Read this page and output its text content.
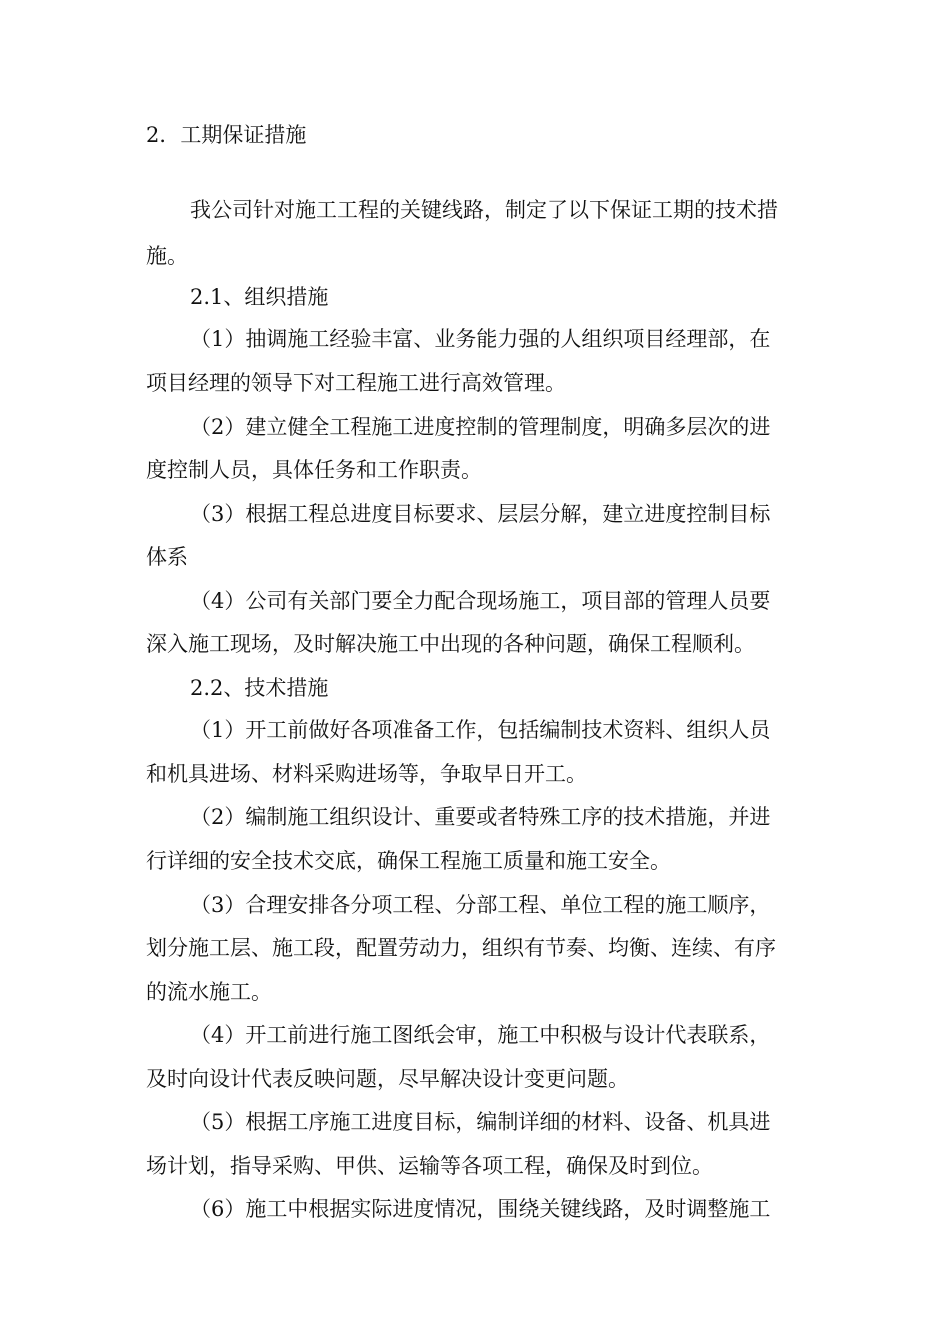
2．工期保证措施
我公司针对施工工程的关键线路，制定了以下保证工期的技术措
施。
2.1、组织措施
（1）抽调施工经验丰富、业务能力强的人组织项目经理部，在
项目经理的领导下对工程施工进行高效管理。
（2）建立健全工程施工进度控制的管理制度，明确多层次的进
度控制人员，具体任务和工作职责。
（3）根据工程总进度目标要求、层层分解，建立进度控制目标
体系
（4）公司有关部门要全力配合现场施工，项目部的管理人员要
深入施工现场，及时解决施工中出现的各种问题，确保工程顺利。
2.2、技术措施
（1）开工前做好各项准备工作，包括编制技术资料、组织人员
和机具进场、材料采购进场等，争取早日开工。
（2）编制施工组织设计、重要或者特殊工序的技术措施，并进
行详细的安全技术交底，确保工程施工质量和施工安全。
（3）合理安排各分项工程、分部工程、单位工程的施工顺序，
划分施工层、施工段，配置劳动力，组织有节奏、均衡、连续、有序
的流水施工。
（4）开工前进行施工图纸会审，施工中积极与设计代表联系，
及时向设计代表反映问题，尽早解决设计变更问题。
（5）根据工序施工进度目标，编制详细的材料、设备、机具进
场计划，指导采购、甲供、运输等各项工程，确保及时到位。
（6）施工中根据实际进度情况，围绕关键线路，及时调整施工
